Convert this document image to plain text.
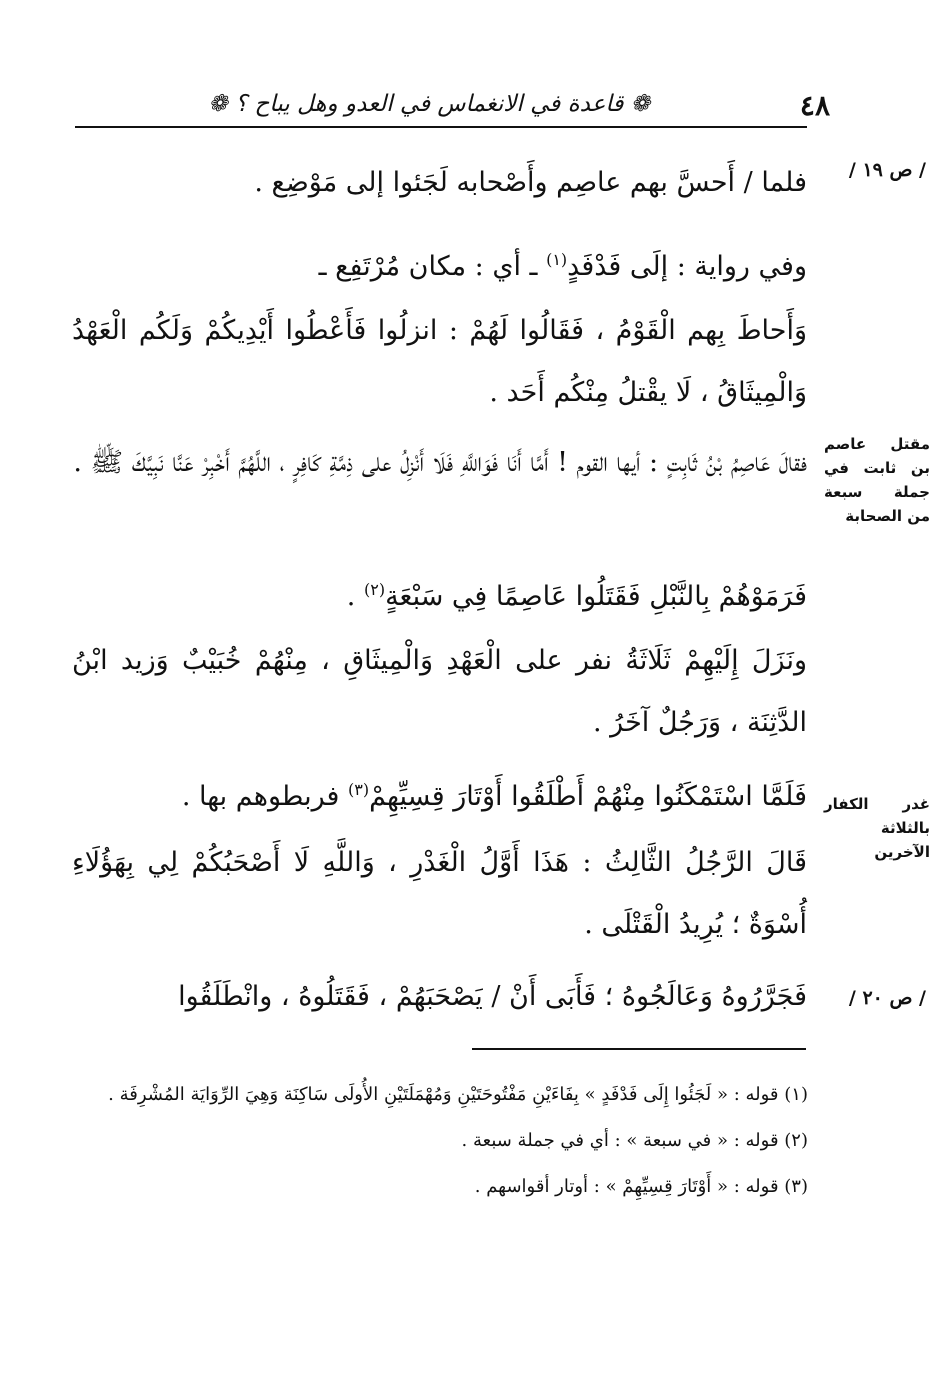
❁ قاعدة في الانغماس في العدو وهل يباح ؟ ❁	٤٨
/ ص ١٩ /
/ ص ٢٠ /
مقتل عاصم بن ثابت في جملة سبعة من الصحابة
غدر الكفار بالثلاثة الآخرين

فلما / أَحسَّ بهم عاصِم وأَصْحابه لَجَئوا إلى مَوْضِع .

وفي رواية : إلَى فَدْفَدٍ$^{(١)}$ ـ أي : مكان مُرْتَفِع ـ

وَأَحاطَ بِهم الْقَوْمُ ، فَقَالُوا لَهُمْ : انزلُوا فَأَعْطُوا أَيْدِيكُمْ وَلَكُم الْعَهْدُ وَالْمِيثَاقُ ، لَا يقْتلُ مِنْكُم أَحَد .

فقالَ عَاصِمُ بْنُ ثَابِتٍ : أيها القوم ! أَمَّا أَنَا فَوَاللَّهِ فَلَا أَنْزِلُ على ذِمَّةِ كَافِرٍ ، اللَّهُمَّ أَخْبِرْ عَنَّا نَبِيَّكَ ﷺ .

فَرَمَوْهُمْ بِالنَّبْلِ فَقَتَلُوا عَاصِمًا فِي سَبْعَةٍ$^{(٢)}$ .

ونَزَلَ إِلَيْهِمْ ثَلَاثَةُ نفر على الْعَهْدِ وَالْمِيثَاقِ ، مِنْهُمْ خُبَيْبٌ وَزيد ابْنُ الدَّثِنَة ، وَرَجُلٌ آخَرُ .

فَلَمَّا اسْتَمْكَنُوا مِنْهُمْ أَطْلَقُوا أَوْتَارَ قِسِيِّهِمْ$^{(٣)}$ فربطوهم بها .

قَالَ الرَّجُلُ الثَّالِثُ : هَذَا أَوَّلُ الْغَدْرِ ، وَاللَّهِ لَا أَصْحَبُكُمْ لِي بِهَؤُلَاءِ أُسْوَةٌ ؛ يُرِيدُ الْقَتْلَى .

فَجَرَّرُوهُ وَعَالَجُوهُ ؛ فَأَبَى أَنْ / يَصْحَبَهُمْ ، فَقَتَلُوهُ ، وانْطَلَقُوا

(١) قوله : « لَجَئُوا إِلَى فَدْفَدٍ » بِفَاءَيْنِ مَفْتُوحَتَيْنِ وَمُهْمَلَتَيْنِ الأُولَى سَاكِنَة وَهِيَ الرِّوَايَة المُشْرِفَة .

(٢) قوله : « في سبعة » : أي في جملة سبعة .

(٣) قوله : « أَوْتَارَ قِسِيِّهِمْ » : أوتار أقواسهم .
